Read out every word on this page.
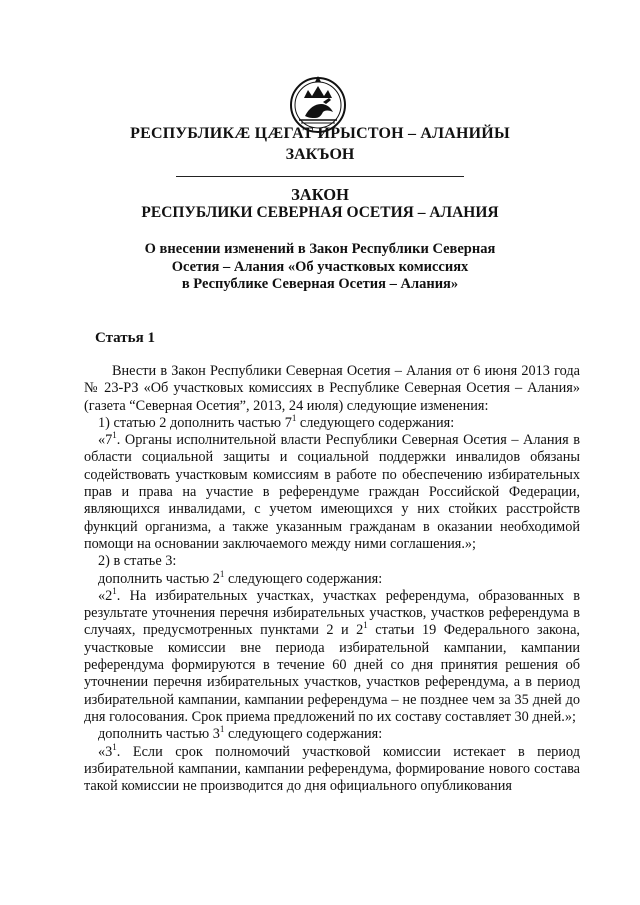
РЕСПУБЛИКÆ ЦÆГАТ ИРЫСТОН – АЛАНИЙЫ
ЗАКЪОН
ЗАКОН
РЕСПУБЛИКИ СЕВЕРНАЯ ОСЕТИЯ – АЛАНИЯ
О внесении изменений в Закон Республики Северная
Осетия – Алания «Об участковых комиссиях
в Республике Северная Осетия – Алания»
Статья 1

Внести в Закон Республики Северная Осетия – Алания от 6 июня 2013 года № 23-РЗ «Об участковых комиссиях в Республике Северная Осетия – Алания» (газета “Северная Осетия”, 2013, 24 июля) следующие изменения:

1) статью 2 дополнить частью $7^1$ следующего содержания:

«$7^1$. Органы исполнительной власти Республики Северная Осетия – Алания в области социальной защиты и социальной поддержки инвалидов обязаны содействовать участковым комиссиям в работе по обеспечению избирательных прав и права на участие в референдуме граждан Российской Федерации, являющихся инвалидами, с учетом имеющихся у них стойких расстройств функций организма, а также указанным гражданам в оказании необходимой помощи на основании заключаемого между ними соглашения.»;

2) в статье 3:

дополнить частью $2^1$ следующего содержания:

«$2^1$. На избирательных участках, участках референдума, образованных в результате уточнения перечня избирательных участков, участков референдума в случаях, предусмотренных пунктами 2 и $2^1$ статьи 19 Федерального закона, участковые комиссии вне периода избирательной кампании, кампании референдума формируются в течение 60 дней со дня принятия решения об уточнении перечня избирательных участков, участков референдума, а в период избирательной кампании, кампании референдума – не позднее чем за 35 дней до дня голосования. Срок приема предложений по их составу составляет 30 дней.»;

дополнить частью $3^1$ следующего содержания:

«$3^1$. Если срок полномочий участковой комиссии истекает в период избирательной кампании, кампании референдума, формирование нового состава такой комиссии не производится до дня официального опубликования
